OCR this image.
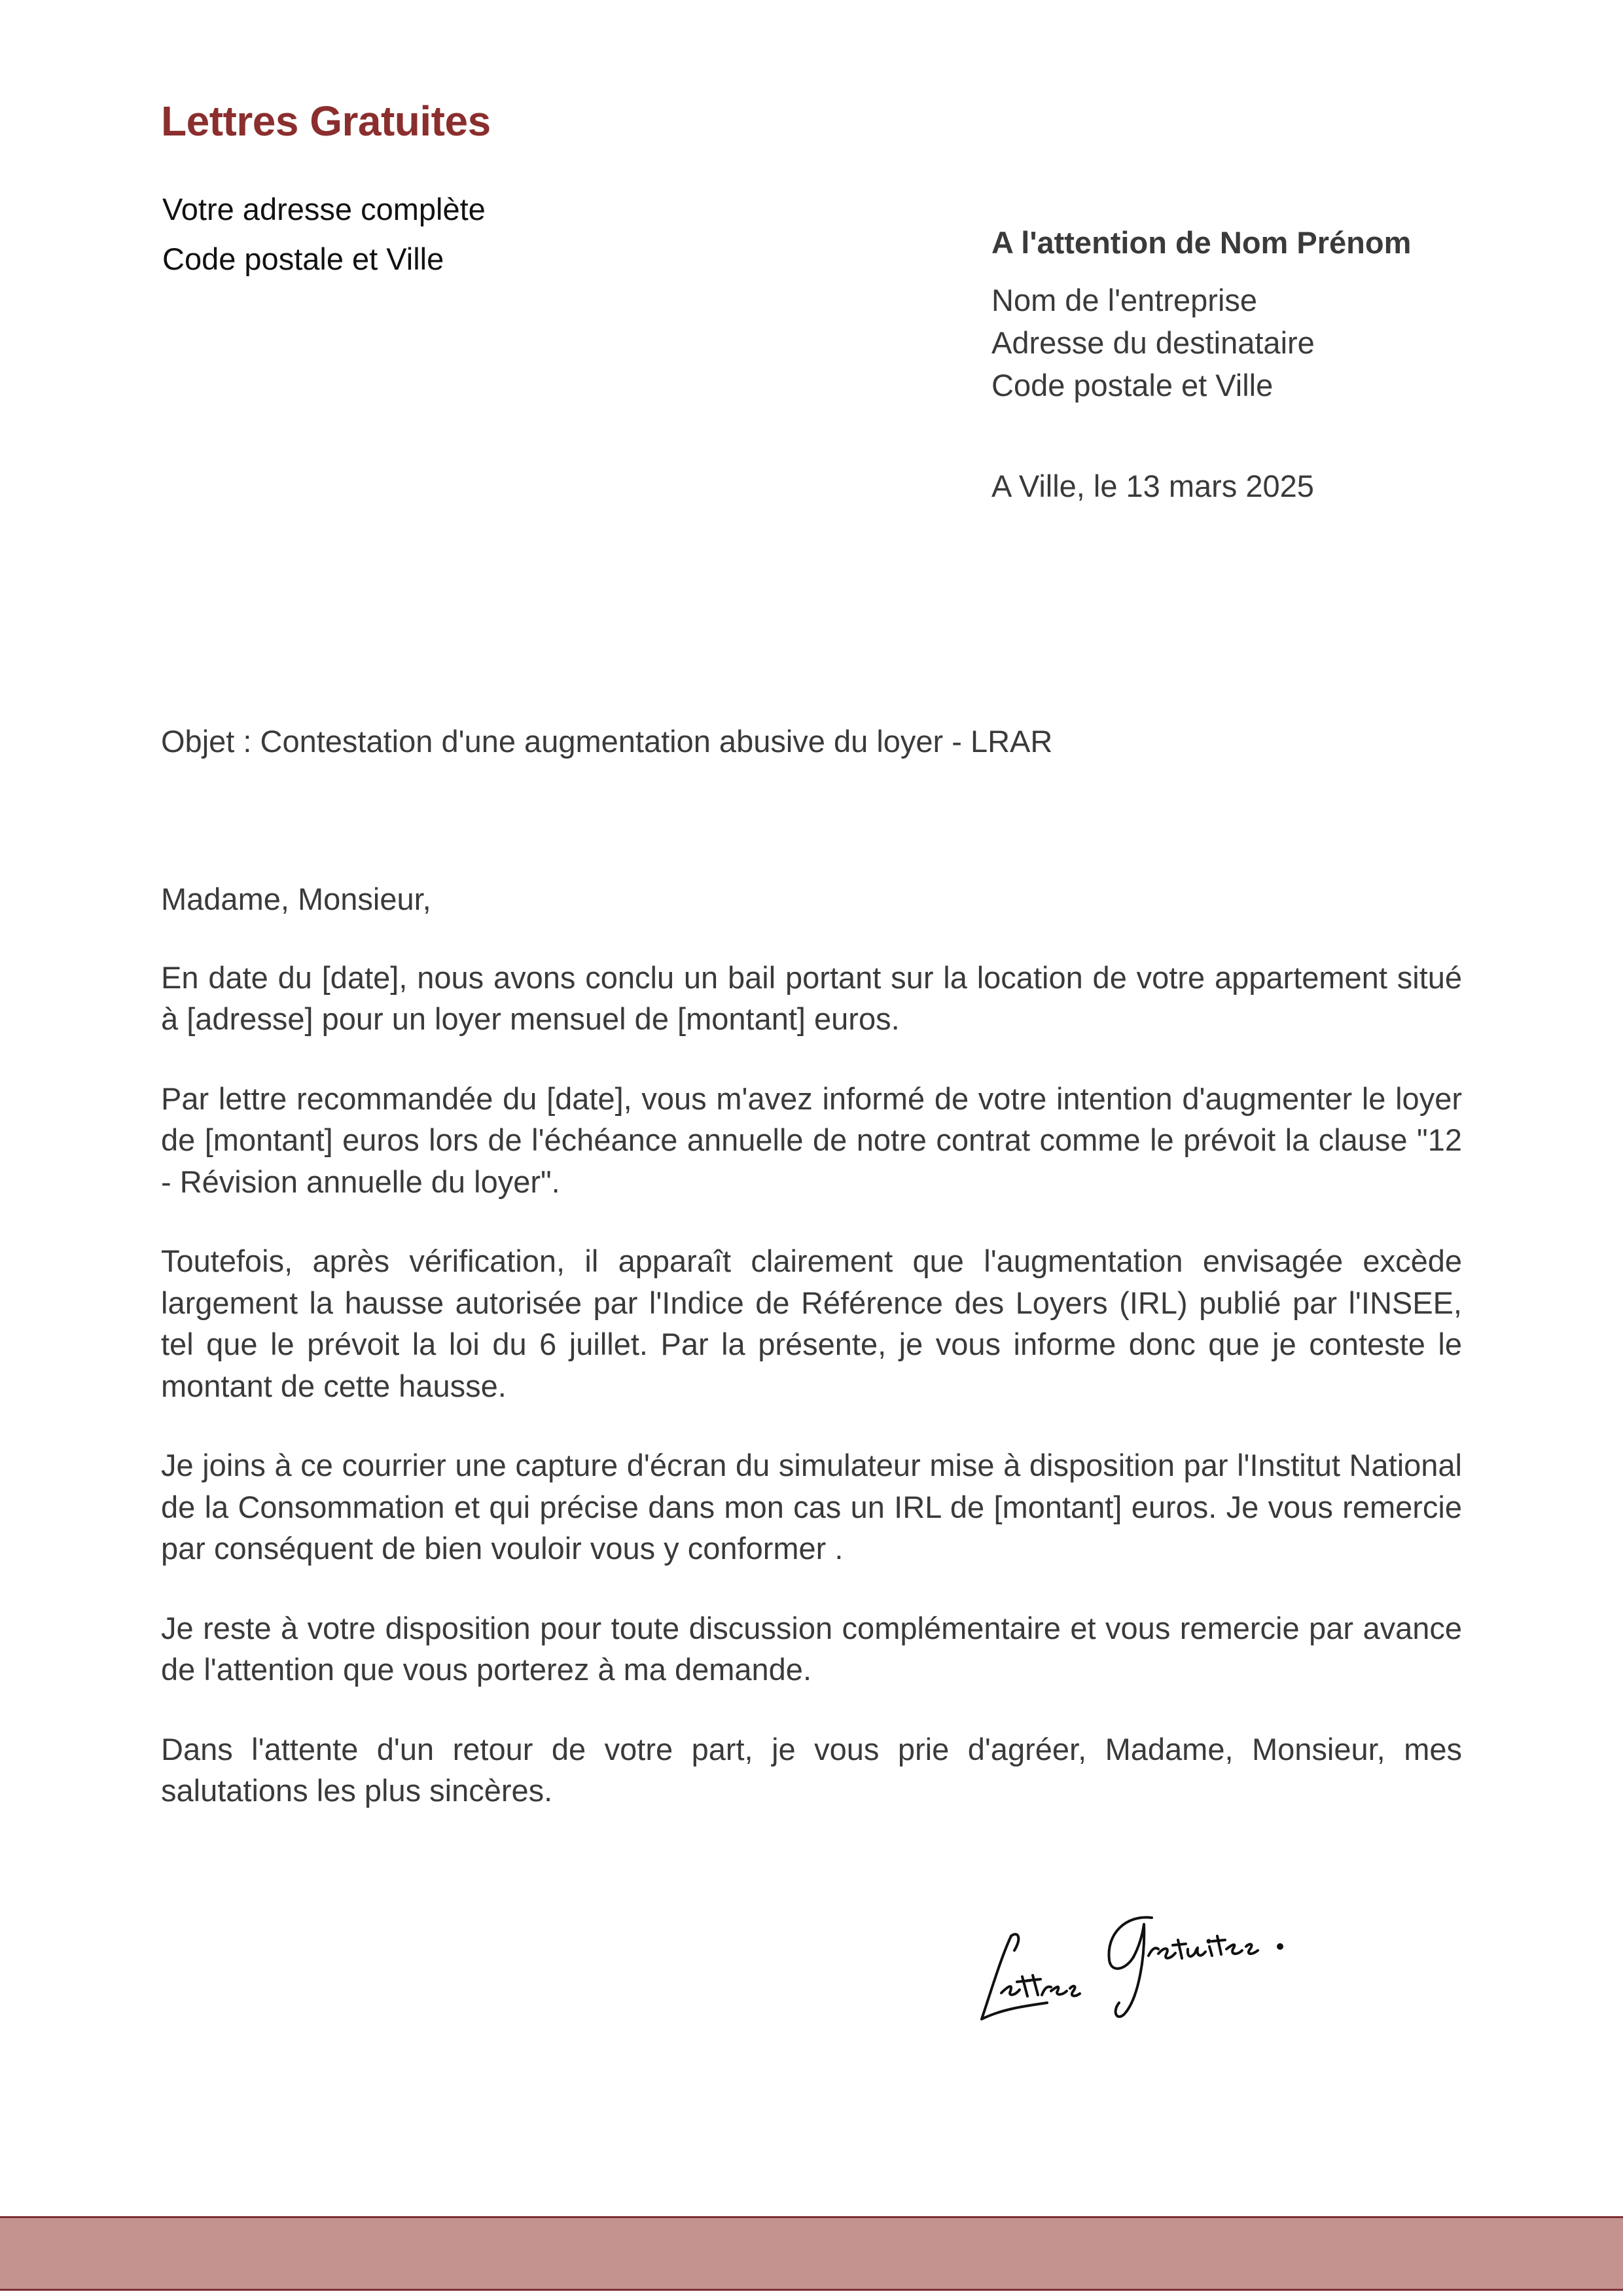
Lettres Gratuites
Votre adresse complète
Code postale et Ville	A l'attention de Nom Prénom
Nom de l'entreprise
Adresse du destinataire
Code postale et Ville
A Ville, le 13 mars 2025
Objet : Contestation d'une augmentation abusive du loyer - LRAR

Madame, Monsieur,

En date du [date], nous avons conclu un bail portant sur la location de votre appartement situé à [adresse] pour un loyer mensuel de [montant] euros.

Par lettre recommandée du [date], vous m'avez informé de votre intention d'augmenter le loyer de [montant] euros lors de l'échéance annuelle de notre contrat comme le prévoit la clause "12 - Révision annuelle du loyer".

Toutefois, après vérification, il apparaît clairement que l'augmentation envisagée excède largement la hausse autorisée par l'Indice de Référence des Loyers (IRL) publié par l'INSEE, tel que le prévoit la loi du 6 juillet. Par la présente, je vous informe donc que je conteste le montant de cette hausse.

Je joins à ce courrier une capture d'écran du simulateur mise à disposition par l'Institut National de la Consommation et qui précise dans mon cas un IRL de [montant] euros. Je vous remercie par conséquent de bien vouloir vous y conformer .

Je reste à votre disposition pour toute discussion complémentaire et vous remercie par avance de l'attention que vous porterez à ma demande.

Dans l'attente d'un retour de votre part, je vous prie d'agréer, Madame, Monsieur, mes salutations les plus sincères.
